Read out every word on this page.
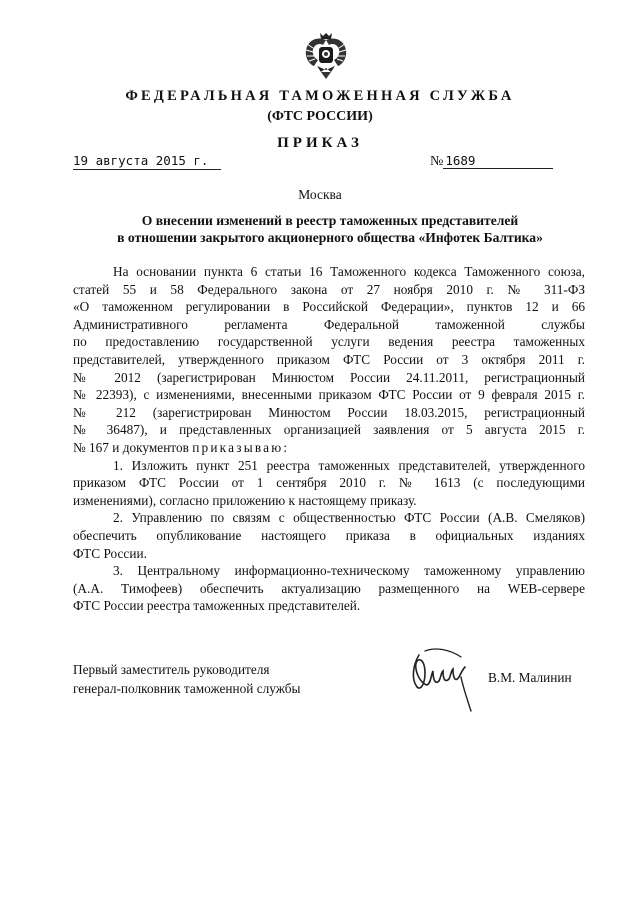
ФЕДЕРАЛЬНАЯ ТАМОЖЕННАЯ СЛУЖБА
(ФТС РОССИИ)
ПРИКАЗ
19 августа 2015 г.	№ 1689
Москва
О внесении изменений в реестр таможенных представителей
в отношении закрытого акционерного общества «Инфотек Балтика»
На основании пункта 6 статьи 16 Таможенного кодекса Таможенного союза,
статей 55 и 58 Федерального закона от 27 ноября 2010 г. № 311-ФЗ
«О таможенном регулировании в Российской Федерации», пунктов 12 и 66
Административного регламента Федеральной таможенной службы
по предоставлению государственной услуги ведения реестра таможенных
представителей, утвержденного приказом ФТС России от 3 октября 2011 г.
№ 2012 (зарегистрирован Минюстом России 24.11.2011, регистрационный
№ 22393), с изменениями, внесенными приказом ФТС России от 9 февраля 2015 г.
№ 212 (зарегистрирован Минюстом России 18.03.2015, регистрационный
№ 36487), и представленных организацией заявления от 5 августа 2015 г.
№ 167 и документов приказываю:
1. Изложить пункт 251 реестра таможенных представителей, утвержденного
приказом ФТС России от 1 сентября 2010 г. № 1613 (с последующими
изменениями), согласно приложению к настоящему приказу.
2. Управлению по связям с общественностью ФТС России (А.В. Смеляков)
обеспечить опубликование настоящего приказа в официальных изданиях
ФТС России.
3. Центральному информационно-техническому таможенному управлению
(А.А. Тимофеев) обеспечить актуализацию размещенного на WEB-сервере
ФТС России реестра таможенных представителей.
Первый заместитель руководителя
генерал-полковник таможенной службы
В.М. Малинин
